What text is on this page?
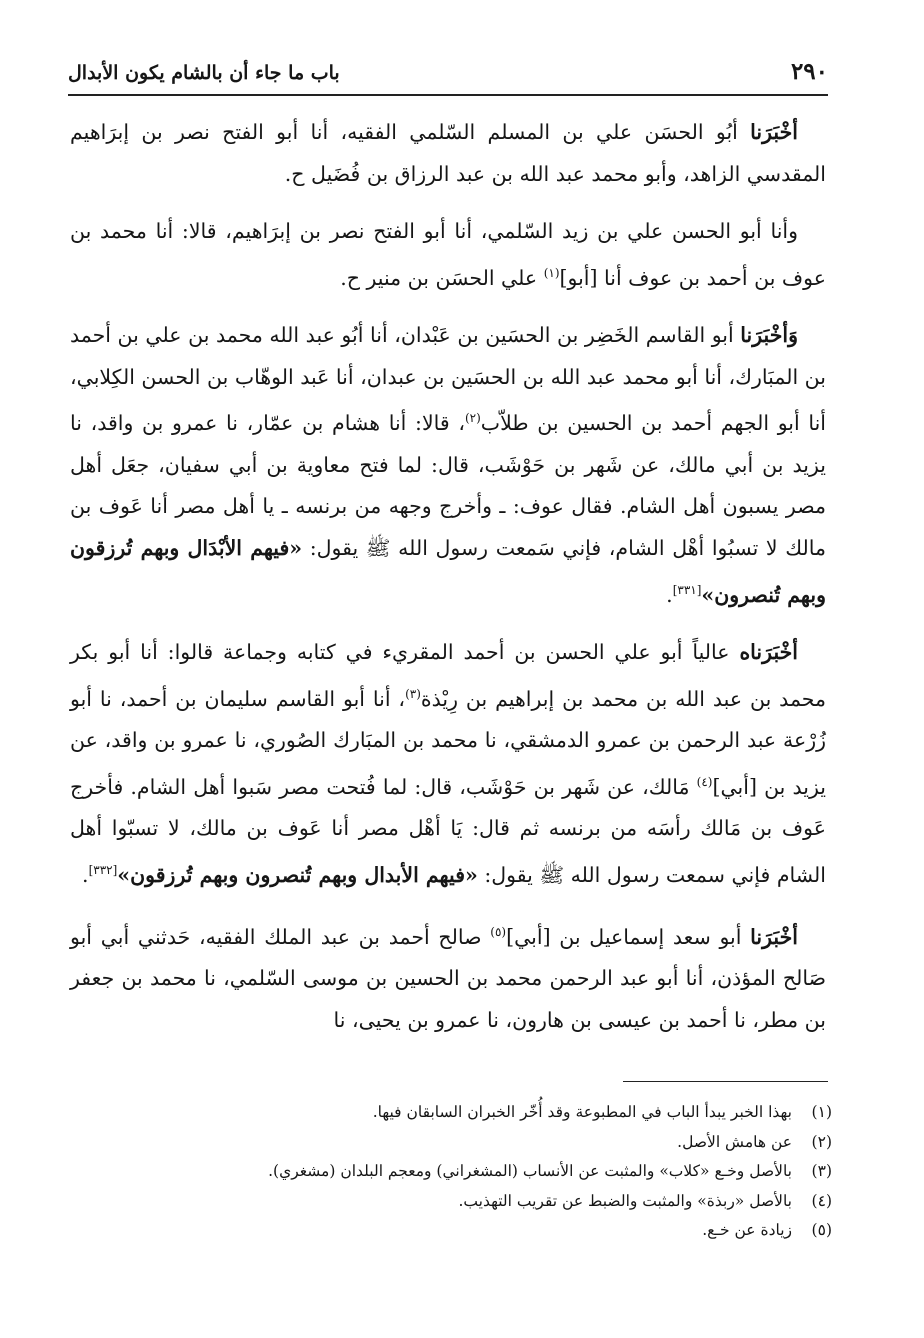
٢٩٠
باب ما جاء أن بالشام يكون الأبدال

أخْبَرَنا أبُو الحسَن علي بن المسلم السّلمي الفقيه، أنا أبو الفتح نصر بن إبرَاهيم المقدسي الزاهد، وأبو محمد عبد الله بن عبد الرزاق بن فُضَيل ح.

وأنا أبو الحسن علي بن زيد السّلمي، أنا أبو الفتح نصر بن إبرَاهيم، قالا: أنا محمد بن عوف بن أحمد بن عوف أنا [أبو]$^{(١)}$ علي الحسَن بن منير ح.

وَأخْبَرَنا أبو القاسم الخَضِر بن الحسَين بن عَبْدان، أنا أبُو عبد الله محمد بن علي بن أحمد بن المبَارك، أنا أبو محمد عبد الله بن الحسَين بن عبدان، أنا عَبد الوهّاب بن الحسن الكِلابي، أنا أبو الجهم أحمد بن الحسين بن طلاّب$^{(٢)}$، قالا: أنا هشام بن عمّار، نا عمرو بن واقد، نا يزيد بن أبي مالك، عن شَهر بن حَوْشَب، قال: لما فتح معاوية بن أبي سفيان، جعَل أهل مصر يسبون أهل الشام. فقال عوف: ـ وأخرج وجهه من برنسه ـ يا أهل مصر أنا عَوف بن مالك لا تسبُوا أهْل الشام، فإني سَمعت رسول الله ﷺ يقول: «فيهم الأبْدَال وبهم تُرزقون وبهم تُنصرون»[٣٣١].

أخْبَرَناه عالياً أبو علي الحسن بن أحمد المقريء في كتابه وجماعة قالوا: أنا أبو بكر محمد بن عبد الله بن محمد بن إبراهيم بن رِيْذة$^{(٣)}$، أنا أبو القاسم سليمان بن أحمد، نا أبو زُرْعة عبد الرحمن بن عمرو الدمشقي، نا محمد بن المبَارك الصُوري، نا عمرو بن واقد، عن يزيد بن [أبي]$^{(٤)}$ مَالك، عن شَهر بن حَوْشَب، قال: لما فُتحت مصر سَبوا أهل الشام. فأخرج عَوف بن مَالك رأسَه من برنسه ثم قال: يَا أهْل مصر أنا عَوف بن مالك، لا تسبّوا أهل الشام فإني سمعت رسول الله ﷺ يقول: «فيهم الأبدال وبهم تُنصرون وبهم تُرزقون»[٣٣٢].

أخْبَرَنا أبو سعد إسماعيل بن [أبي]$^{(٥)}$ صالح أحمد بن عبد الملك الفقيه، حَدثني أبي أبو صَالح المؤذن، أنا أبو عبد الرحمن محمد بن الحسين بن موسى السّلمي، نا محمد بن جعفر بن مطر، نا أحمد بن عيسى بن هارون، نا عمرو بن يحيى، نا

(١)بهذا الخبر يبدأ الباب في المطبوعة وقد أُخّر الخبران السابقان فيها.
(٢)عن هامش الأصل.
(٣)بالأصل وخـع «كلاب» والمثبت عن الأنساب (المشغراني) ومعجم البلدان (مشغري).
(٤)بالأصل «ربذة» والمثبت والضبط عن تقريب التهذيب.
(٥)زيادة عن خـع.
